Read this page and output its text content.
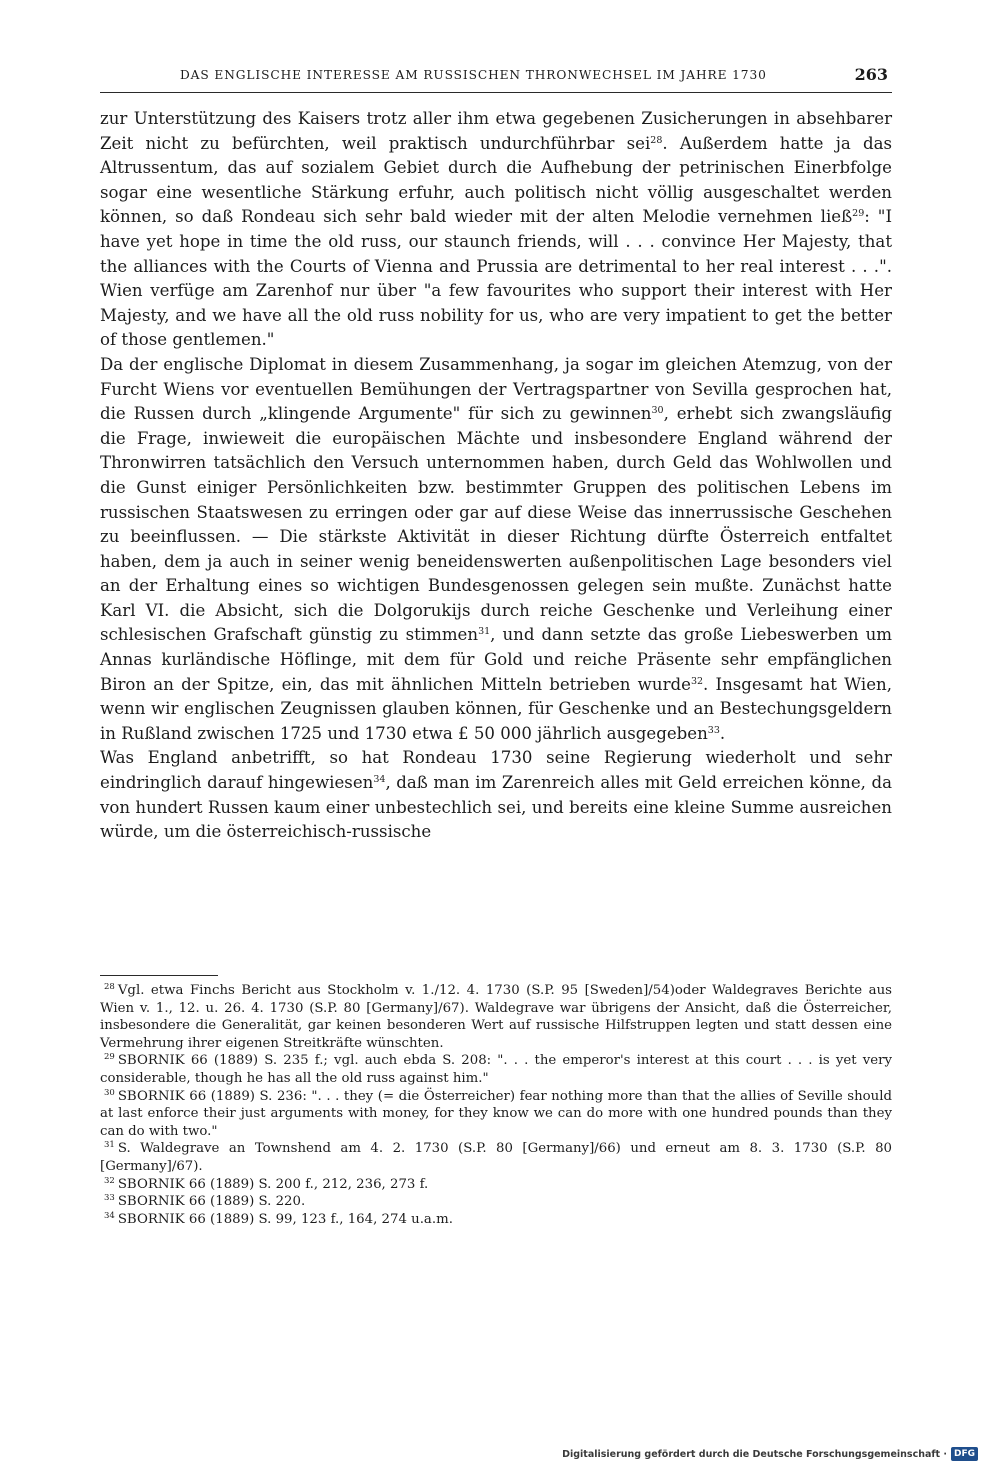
DAS ENGLISCHE INTERESSE AM RUSSISCHEN THRONWECHSEL IM JAHRE 1730	263

zur Unterstützung des Kaisers trotz aller ihm etwa gegebenen Zusicherungen in absehbarer Zeit nicht zu befürchten, weil praktisch undurchführbar sei$^{28}$. Außerdem hatte ja das Altrussentum, das auf sozialem Gebiet durch die Aufhebung der petrinischen Einerbfolge sogar eine wesentliche Stärkung erfuhr, auch politisch nicht völlig ausgeschaltet werden können, so daß Rondeau sich sehr bald wieder mit der alten Melodie vernehmen ließ$^{29}$: "I have yet hope in time the old russ, our staunch friends, will . . . convince Her Majesty, that the alliances with the Courts of Vienna and Prussia are detrimental to her real interest . . .". Wien verfüge am Zarenhof nur über "a few favourites who support their interest with Her Majesty, and we have all the old russ nobility for us, who are very impatient to get the better of those gentlemen."

Da der englische Diplomat in diesem Zusammenhang, ja sogar im gleichen Atemzug, von der Furcht Wiens vor eventuellen Bemühungen der Vertragspartner von Sevilla gesprochen hat, die Russen durch „klingende Argumente" für sich zu gewinnen$^{30}$, erhebt sich zwangsläufig die Frage, inwieweit die europäischen Mächte und insbesondere England während der Thronwirren tatsächlich den Versuch unternommen haben, durch Geld das Wohlwollen und die Gunst einiger Persönlichkeiten bzw. bestimmter Gruppen des politischen Lebens im russischen Staatswesen zu erringen oder gar auf diese Weise das innerrussische Geschehen zu beeinflussen. — Die stärkste Aktivität in dieser Richtung dürfte Österreich entfaltet haben, dem ja auch in seiner wenig beneidenswerten außenpolitischen Lage besonders viel an der Erhaltung eines so wichtigen Bundesgenossen gelegen sein mußte. Zunächst hatte Karl VI. die Absicht, sich die Dolgorukijs durch reiche Geschenke und Verleihung einer schlesischen Grafschaft günstig zu stimmen$^{31}$, und dann setzte das große Liebeswerben um Annas kurländische Höflinge, mit dem für Gold und reiche Präsente sehr empfänglichen Biron an der Spitze, ein, das mit ähnlichen Mitteln betrieben wurde$^{32}$. Insgesamt hat Wien, wenn wir englischen Zeugnissen glauben können, für Geschenke und an Bestechungsgeldern in Rußland zwischen 1725 und 1730 etwa £ 50 000 jährlich ausgegeben$^{33}$.

Was England anbetrifft, so hat Rondeau 1730 seine Regierung wiederholt und sehr eindringlich darauf hingewiesen$^{34}$, daß man im Zarenreich alles mit Geld erreichen könne, da von hundert Russen kaum einer unbestechlich sei, und bereits eine kleine Summe ausreichen würde, um die österreichisch-russische

$^{28}$ Vgl. etwa Finchs Bericht aus Stockholm v. 1./12. 4. 1730 (S.P. 95 [Sweden]/54)oder Waldegraves Berichte aus Wien v. 1., 12. u. 26. 4. 1730 (S.P. 80 [Germany]/67). Waldegrave war übrigens der Ansicht, daß die Österreicher, insbesondere die Generalität, gar keinen besonderen Wert auf russische Hilfstruppen legten und statt dessen eine Vermehrung ihrer eigenen Streitkräfte wünschten.

$^{29}$ SBORNIK 66 (1889) S. 235 f.; vgl. auch ebda S. 208: ". . . the emperor's interest at this court . . . is yet very considerable, though he has all the old russ against him."

$^{30}$ SBORNIK 66 (1889) S. 236: ". . . they (= die Österreicher) fear nothing more than that the allies of Seville should at last enforce their just arguments with money, for they know we can do more with one hundred pounds than they can do with two."

$^{31}$ S. Waldegrave an Townshend am 4. 2. 1730 (S.P. 80 [Germany]/66) und erneut am 8. 3. 1730 (S.P. 80 [Germany]/67).

$^{32}$ SBORNIK 66 (1889) S. 200 f., 212, 236, 273 f.

$^{33}$ SBORNIK 66 (1889) S. 220.

$^{34}$ SBORNIK 66 (1889) S. 99, 123 f., 164, 274 u.a.m.

Digitalisierung gefördert durch die Deutsche Forschungsgemeinschaft · DFG
